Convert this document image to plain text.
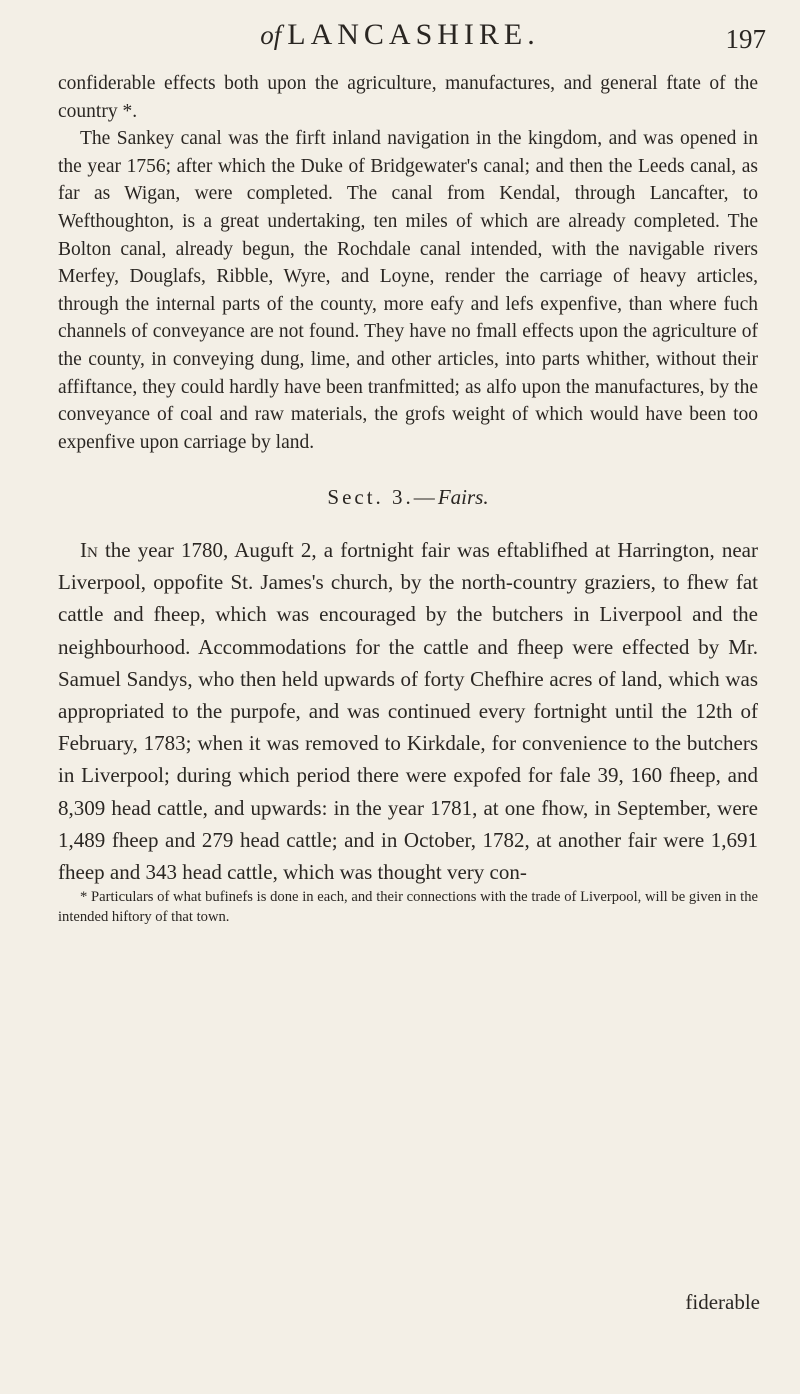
of LANCASHIRE.	197

confiderable effects both upon the agriculture, manufactures, and general ftate of the country *.

The Sankey canal was the firft inland navigation in the kingdom, and was opened in the year 1756; after which the Duke of Bridgewater's canal; and then the Leeds canal, as far as Wigan, were completed. The canal from Kendal, through Lancafter, to Wefthoughton, is a great undertaking, ten miles of which are already completed. The Bolton canal, already begun, the Rochdale canal intended, with the navigable rivers Merfey, Douglafs, Ribble, Wyre, and Loyne, render the carriage of heavy articles, through the internal parts of the county, more eafy and lefs expenfive, than where fuch channels of conveyance are not found. They have no fmall effects upon the agriculture of the county, in conveying dung, lime, and other articles, into parts whither, without their affiftance, they could hardly have been tranfmitted; as alfo upon the manufactures, by the conveyance of coal and raw materials, the grofs weight of which would have been too expenfive upon carriage by land.

Sect. 3.—Fairs.

In the year 1780, Auguft 2, a fortnight fair was eftablifhed at Harrington, near Liverpool, oppofite St. James's church, by the north-country graziers, to fhew fat cattle and fheep, which was encouraged by the butchers in Liverpool and the neighbourhood. Accommodations for the cattle and fheep were effected by Mr. Samuel Sandys, who then held upwards of forty Chefhire acres of land, which was appropriated to the purpofe, and was continued every fortnight until the 12th of February, 1783; when it was removed to Kirkdale, for convenience to the butchers in Liverpool; during which period there were expofed for fale 39, 160 fheep, and 8,309 head cattle, and upwards: in the year 1781, at one fhow, in September, were 1,489 fheep and 279 head cattle; and in October, 1782, at another fair were 1,691 fheep and 343 head cattle, which was thought very con-

* Particulars of what bufinefs is done in each, and their connections with the trade of Liverpool, will be given in the intended hiftory of that town.

fiderable
